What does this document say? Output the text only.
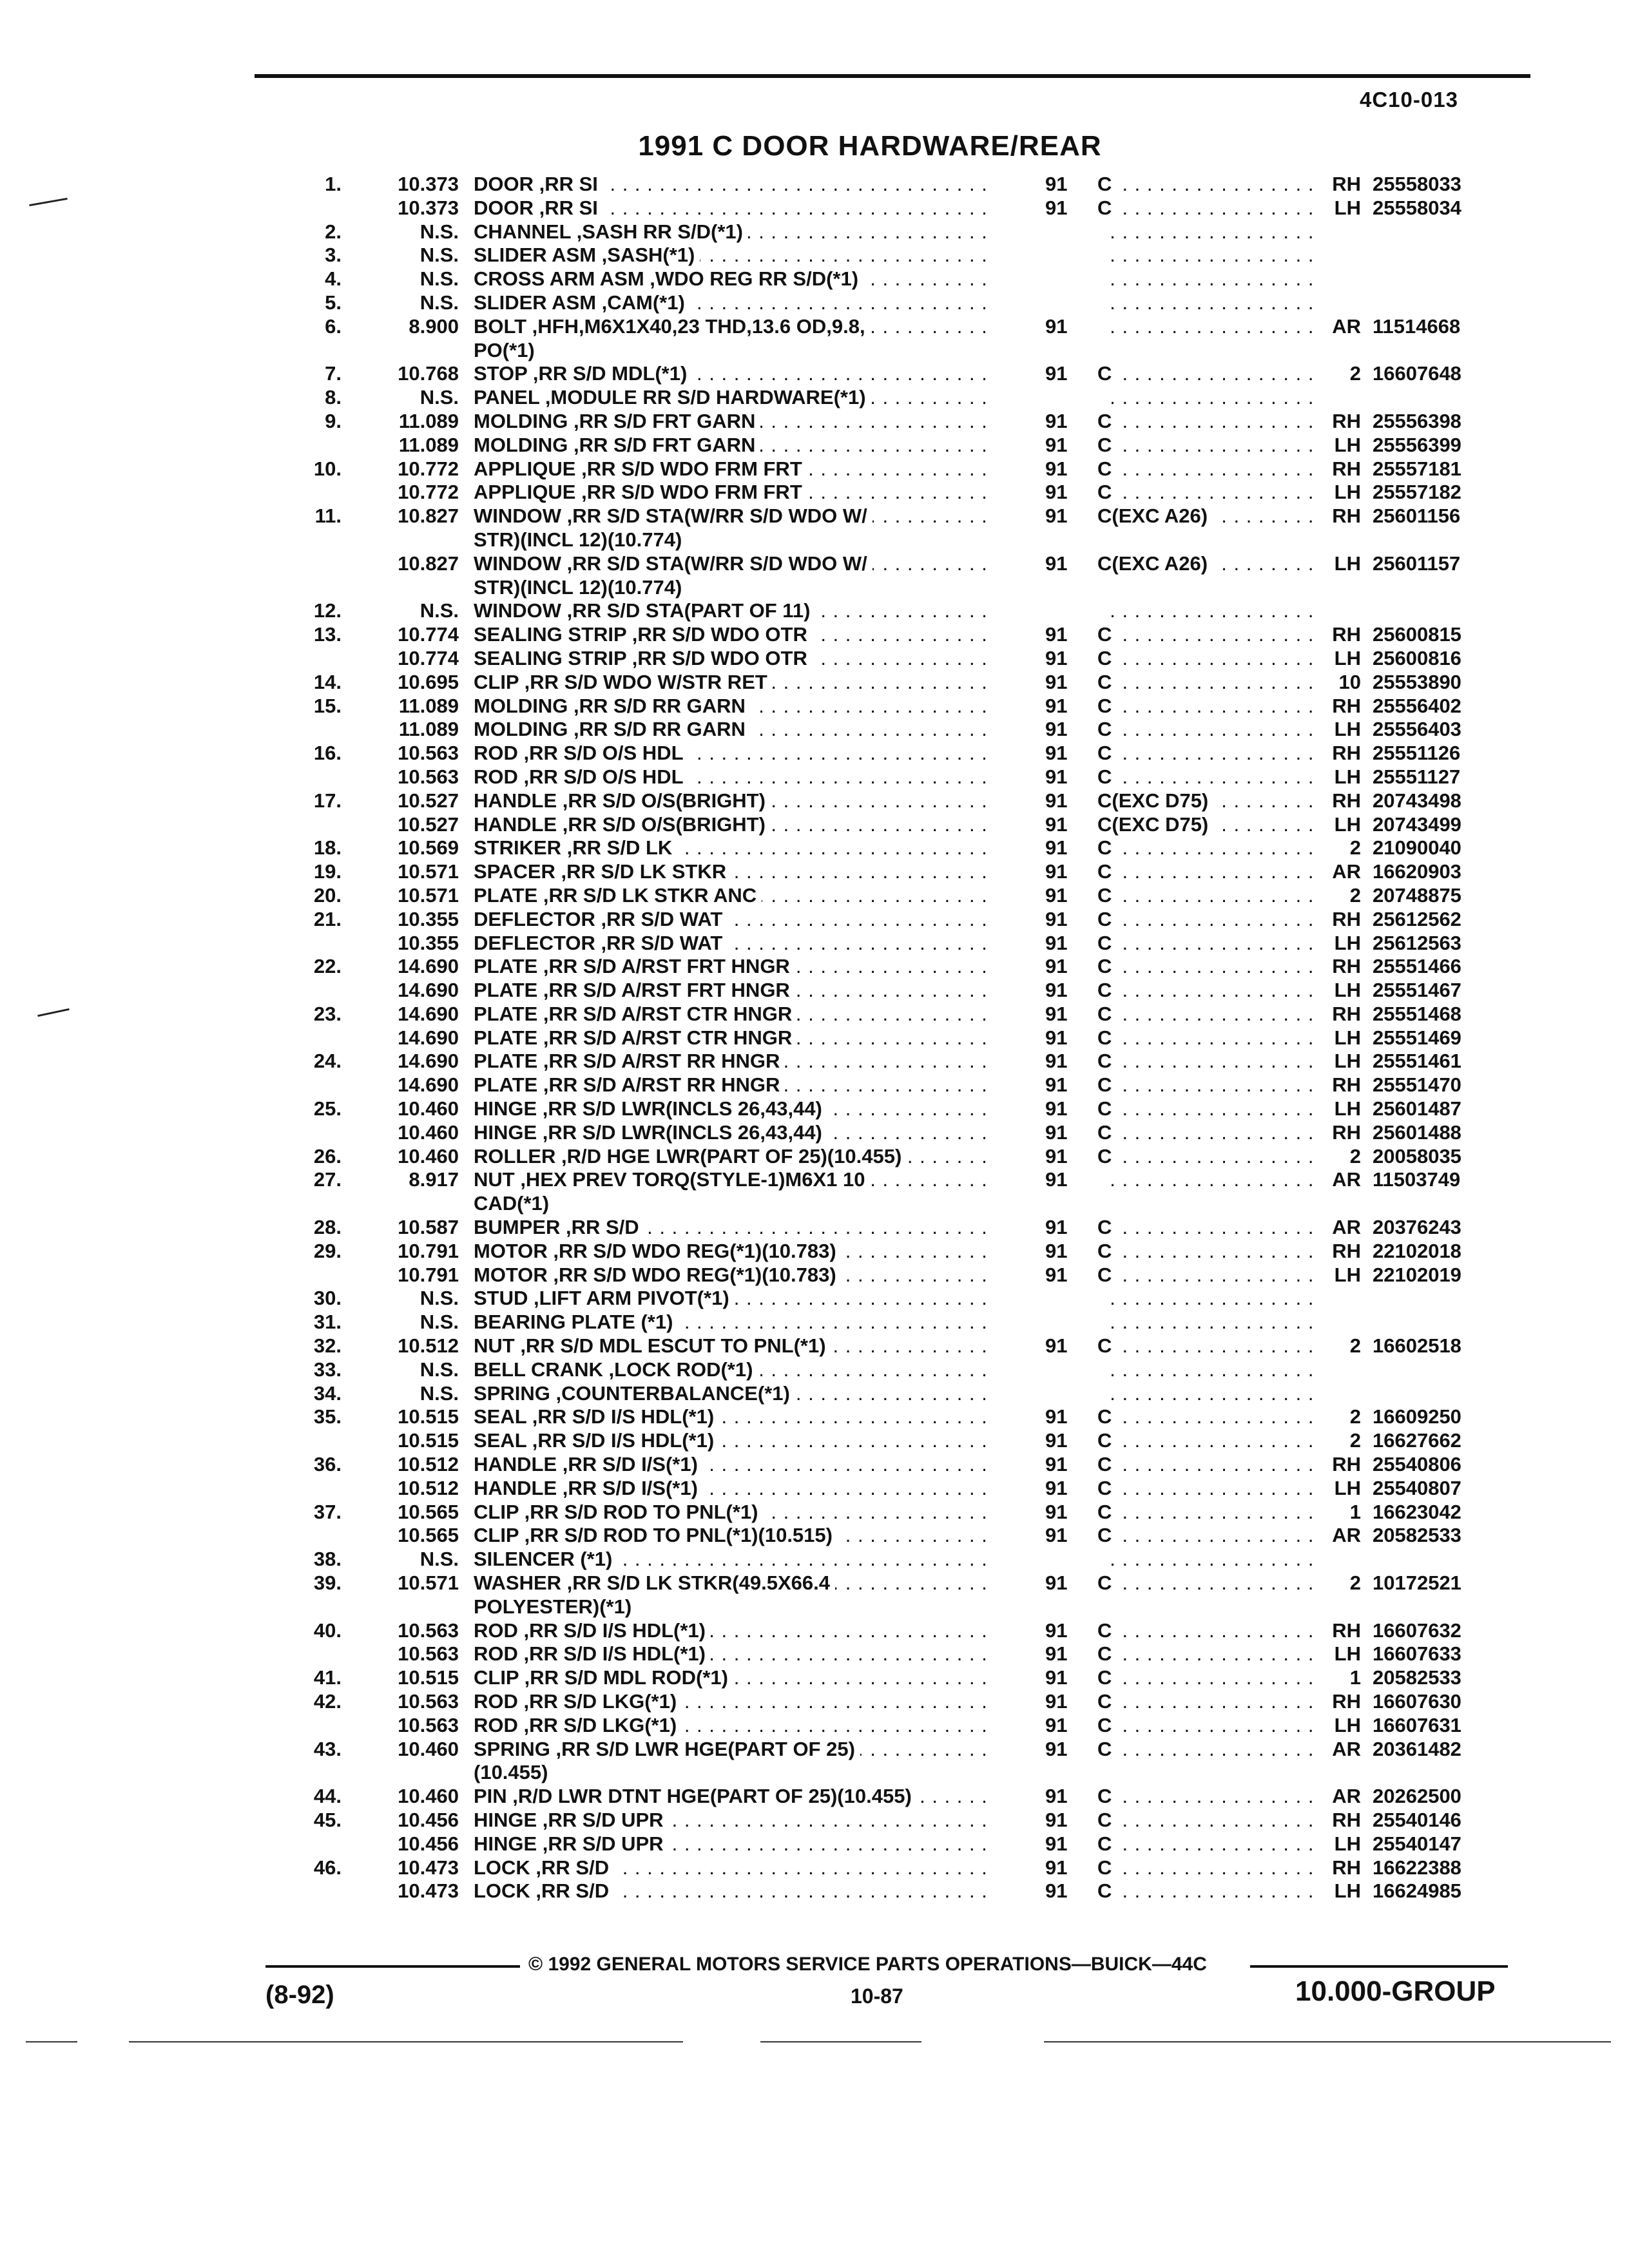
4C10-013
1991 C DOOR HARDWARE/REAR
1.	10.373 DOOR ,RR SI . . .	91 C . . .	RH 25558033
10.373 DOOR ,RR SI . . .	91 C . . .	LH 25558034
2.	N.S. CHANNEL ,SASH RR S/D(*1) . . .
. . .
3.	N.S. SLIDER ASM ,SASH(*1) . . .
. . .
4.	N.S. CROSS ARM ASM ,WDO REG RR S/D(*1) . . .
. . .
5.	N.S. SLIDER ASM ,CAM(*1) . . .
. . .
6.	8.900 BOLT ,HFH,M6X1X40,23 THD,13.6 OD,9.8, . . .	91 . . .	AR 11514668
PO(*1)
7.	10.768 STOP ,RR S/D MDL(*1) . . .	91 C . . .	2 16607648
8.	N.S. PANEL ,MODULE RR S/D HARDWARE(*1) . . .
. . .
9.	11.089 MOLDING ,RR S/D FRT GARN . . .	91 C . . .	RH 25556398
11.089 MOLDING ,RR S/D FRT GARN . . .	91 C . . .	LH 25556399
10.	10.772 APPLIQUE ,RR S/D WDO FRM FRT . . .	91 C . . .	RH 25557181
10.772 APPLIQUE ,RR S/D WDO FRM FRT . . .	91 C . . .	LH 25557182
11.	10.827 WINDOW ,RR S/D STA(W/RR S/D WDO W/ . . .	91 C(EXC A26) . . .	RH 25601156
STR)(INCL 12)(10.774)
10.827 WINDOW ,RR S/D STA(W/RR S/D WDO W/ . . .	91 C(EXC A26) . . .	LH 25601157
STR)(INCL 12)(10.774)
12.	N.S. WINDOW ,RR S/D STA(PART OF 11) . . .
. . .
13.	10.774 SEALING STRIP ,RR S/D WDO OTR . . .	91 C . . .	RH 25600815
10.774 SEALING STRIP ,RR S/D WDO OTR . . .	91 C . . .	LH 25600816
14.	10.695 CLIP ,RR S/D WDO W/STR RET . . .	91 C . . .	10 25553890
15.	11.089 MOLDING ,RR S/D RR GARN . . .	91 C . . .	RH 25556402
11.089 MOLDING ,RR S/D RR GARN . . .	91 C . . .	LH 25556403
16.	10.563 ROD ,RR S/D O/S HDL . . .	91 C . . .	RH 25551126
10.563 ROD ,RR S/D O/S HDL . . .	91 C . . .	LH 25551127
17.	10.527 HANDLE ,RR S/D O/S(BRIGHT) . . .	91 C(EXC D75) . . .	RH 20743498
10.527 HANDLE ,RR S/D O/S(BRIGHT) . . .	91 C(EXC D75) . . .	LH 20743499
18.	10.569 STRIKER ,RR S/D LK . . .	91 C . . .	2 21090040
19.	10.571 SPACER ,RR S/D LK STKR . . .	91 C . . .	AR 16620903
20.	10.571 PLATE ,RR S/D LK STKR ANC . . .	91 C . . .	2 20748875
21.	10.355 DEFLECTOR ,RR S/D WAT . . .	91 C . . .	RH 25612562
10.355 DEFLECTOR ,RR S/D WAT . . .	91 C . . .	LH 25612563
22.	14.690 PLATE ,RR S/D A/RST FRT HNGR . . .	91 C . . .	RH 25551466
14.690 PLATE ,RR S/D A/RST FRT HNGR . . .	91 C . . .	LH 25551467
23.	14.690 PLATE ,RR S/D A/RST CTR HNGR . . .	91 C . . .	RH 25551468
14.690 PLATE ,RR S/D A/RST CTR HNGR . . .	91 C . . .	LH 25551469
24.	14.690 PLATE ,RR S/D A/RST RR HNGR . . .	91 C . . .	LH 25551461
14.690 PLATE ,RR S/D A/RST RR HNGR . . .	91 C . . .	RH 25551470
25.	10.460 HINGE ,RR S/D LWR(INCLS 26,43,44) . . .	91 C . . .	LH 25601487
10.460 HINGE ,RR S/D LWR(INCLS 26,43,44) . . .	91 C . . .	RH 25601488
26.	10.460 ROLLER ,R/D HGE LWR(PART OF 25)(10.455) . . .	91 C . . .	2 20058035
27.	8.917 NUT ,HEX PREV TORQ(STYLE-1)M6X1 10 . . .	91 . . .	AR 11503749
CAD(*1)
28.	10.587 BUMPER ,RR S/D . . .	91 C . . .	AR 20376243
29.	10.791 MOTOR ,RR S/D WDO REG(*1)(10.783) . . .	91 C . . .	RH 22102018
10.791 MOTOR ,RR S/D WDO REG(*1)(10.783) . . .	91 C . . .	LH 22102019
30.	N.S. STUD ,LIFT ARM PIVOT(*1) . . .
. . .
31.	N.S. BEARING PLATE (*1) . . .
. . .
32.	10.512 NUT ,RR S/D MDL ESCUT TO PNL(*1) . . .	91 C . . .	2 16602518
33.	N.S. BELL CRANK ,LOCK ROD(*1) . . .
. . .
34.	N.S. SPRING ,COUNTERBALANCE(*1) . . .
. . .
35.	10.515 SEAL ,RR S/D I/S HDL(*1) . . .	91 C . . .	2 16609250
10.515 SEAL ,RR S/D I/S HDL(*1) . . .	91 C . . .	2 16627662
36.	10.512 HANDLE ,RR S/D I/S(*1) . . .	91 C . . .	RH 25540806
10.512 HANDLE ,RR S/D I/S(*1) . . .	91 C . . .	LH 25540807
37.	10.565 CLIP ,RR S/D ROD TO PNL(*1) . . .	91 C . . .	1 16623042
10.565 CLIP ,RR S/D ROD TO PNL(*1)(10.515) . . .	91 C . . .	AR 20582533
38.	N.S. SILENCER (*1) . . .
. . .
39.	10.571 WASHER ,RR S/D LK STKR(49.5X66.4 . . .	91 C . . .	2 10172521
POLYESTER)(*1)
40.	10.563 ROD ,RR S/D I/S HDL(*1) . . .	91 C . . .	RH 16607632
10.563 ROD ,RR S/D I/S HDL(*1) . . .	91 C . . .	LH 16607633
41.	10.515 CLIP ,RR S/D MDL ROD(*1) . . .	91 C . . .	1 20582533
42.	10.563 ROD ,RR S/D LKG(*1) . . .	91 C . . .	RH 16607630
10.563 ROD ,RR S/D LKG(*1) . . .	91 C . . .	LH 16607631
43.	10.460 SPRING ,RR S/D LWR HGE(PART OF 25) . . .	91 C . . .	AR 20361482
(10.455)
44.	10.460 PIN ,R/D LWR DTNT HGE(PART OF 25)(10.455) . . .	91 C . . .	AR 20262500
45.	10.456 HINGE ,RR S/D UPR . . .	91 C . . .	RH 25540146
10.456 HINGE ,RR S/D UPR . . .	91 C . . .	LH 25540147
46.	10.473 LOCK ,RR S/D . . .	91 C . . .	RH 16622388
10.473 LOCK ,RR S/D . . .	91 C . . .	LH 16624985
© 1992 GENERAL MOTORS SERVICE PARTS OPERATIONS—BUICK—44C
(8-92)	10-87	10.000-GROUP
